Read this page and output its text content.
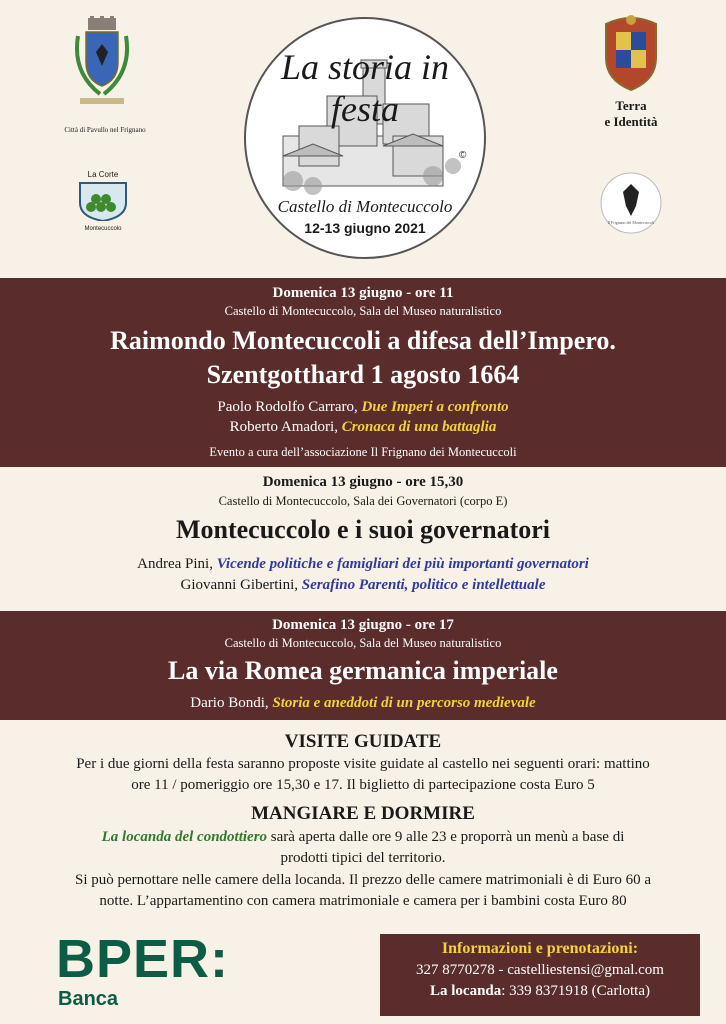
Città di Pavullo nel Frignano
La Corte
Montecuccolo
©
La storia in festa
Castello di Montecuccolo
12-13 giugno 2021
Terra
e Identità
Il Frignano dei Montecuccoli
Domenica 13 giugno - ore 11
Castello di Montecuccolo, Sala del Museo naturalistico
Raimondo Montecuccoli a difesa dell’Impero.
Szentgotthard 1 agosto 1664
Paolo Rodolfo Carraro, Due Imperi a confronto
Roberto Amadori, Cronaca di una battaglia
Evento a cura dell’associazione Il Frignano dei Montecuccoli
Domenica 13 giugno - ore 15,30
Castello di Montecuccolo, Sala dei Governatori (corpo E)
Montecuccolo e i suoi governatori
Andrea Pini, Vicende politiche e famigliari dei più importanti governatori
Giovanni Gibertini, Serafino Parenti, politico e intellettuale
Domenica 13 giugno - ore 17
Castello di Montecuccolo, Sala del Museo naturalistico
La via Romea germanica imperiale
Dario Bondi, Storia e aneddoti di un percorso medievale
VISITE GUIDATE
Per i due giorni della festa saranno proposte visite guidate al castello nei seguenti orari: mattino
ore 11 / pomeriggio ore 15,30 e 17. Il biglietto di partecipazione costa Euro 5
MANGIARE E DORMIRE
La locanda del condottiero sarà aperta dalle ore 9 alle 23 e proporrà un menù a base di
prodotti tipici del territorio.
Si può pernottare nelle camere della locanda. Il prezzo delle camere matrimoniali è di Euro 60 a
notte. L’appartamentino con camera matrimoniale e camera per i bambini costa Euro 80
BPER:
Banca
Informazioni e prenotazioni:
327 8770278 - castelliestensi@gmal.com
La locanda: 339 8371918 (Carlotta)
